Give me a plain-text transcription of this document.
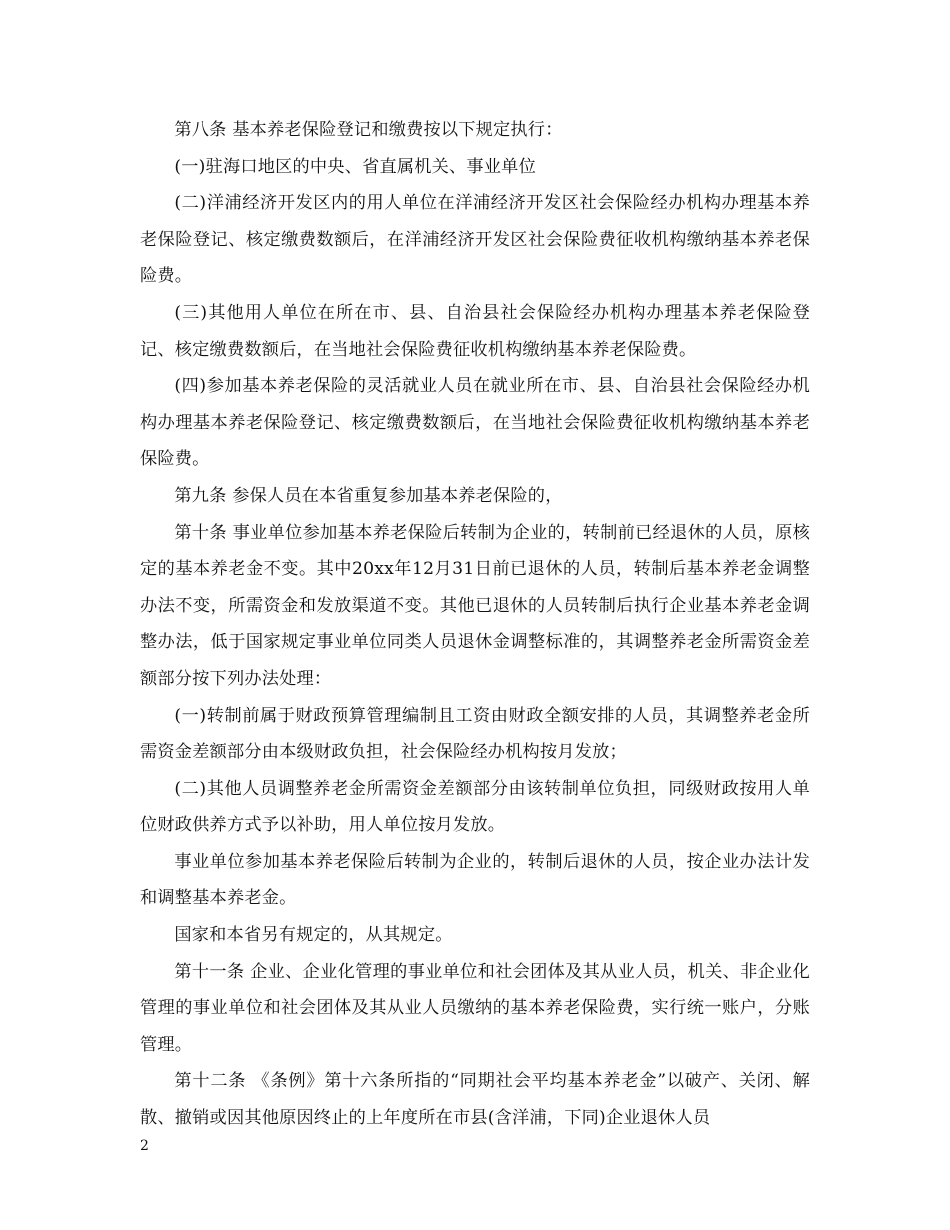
第八条 基本养老保险登记和缴费按以下规定执行：

(一)驻海口地区的中央、省直属机关、事业单位

(二)洋浦经济开发区内的用人单位在洋浦经济开发区社会保险经办机构办理基本养老保险登记、核定缴费数额后，在洋浦经济开发区社会保险费征收机构缴纳基本养老保险费。

(三)其他用人单位在所在市、县、自治县社会保险经办机构办理基本养老保险登记、核定缴费数额后，在当地社会保险费征收机构缴纳基本养老保险费。

(四)参加基本养老保险的灵活就业人员在就业所在市、县、自治县社会保险经办机构办理基本养老保险登记、核定缴费数额后，在当地社会保险费征收机构缴纳基本养老保险费。

第九条 参保人员在本省重复参加基本养老保险的，

第十条 事业单位参加基本养老保险后转制为企业的，转制前已经退休的人员，原核定的基本养老金不变。其中20xx年12月31日前已退休的人员，转制后基本养老金调整办法不变，所需资金和发放渠道不变。其他已退休的人员转制后执行企业基本养老金调整办法，低于国家规定事业单位同类人员退休金调整标准的，其调整养老金所需资金差额部分按下列办法处理：

(一)转制前属于财政预算管理编制且工资由财政全额安排的人员，其调整养老金所需资金差额部分由本级财政负担，社会保险经办机构按月发放；

(二)其他人员调整养老金所需资金差额部分由该转制单位负担，同级财政按用人单位财政供养方式予以补助，用人单位按月发放。

事业单位参加基本养老保险后转制为企业的，转制后退休的人员，按企业办法计发和调整基本养老金。

国家和本省另有规定的，从其规定。

第十一条 企业、企业化管理的事业单位和社会团体及其从业人员，机关、非企业化管理的事业单位和社会团体及其从业人员缴纳的基本养老保险费，实行统一账户，分账管理。

第十二条 《条例》第十六条所指的“同期社会平均基本养老金”以破产、关闭、解散、撤销或因其他原因终止的上年度所在市县(含洋浦，下同)企业退休人员

2
